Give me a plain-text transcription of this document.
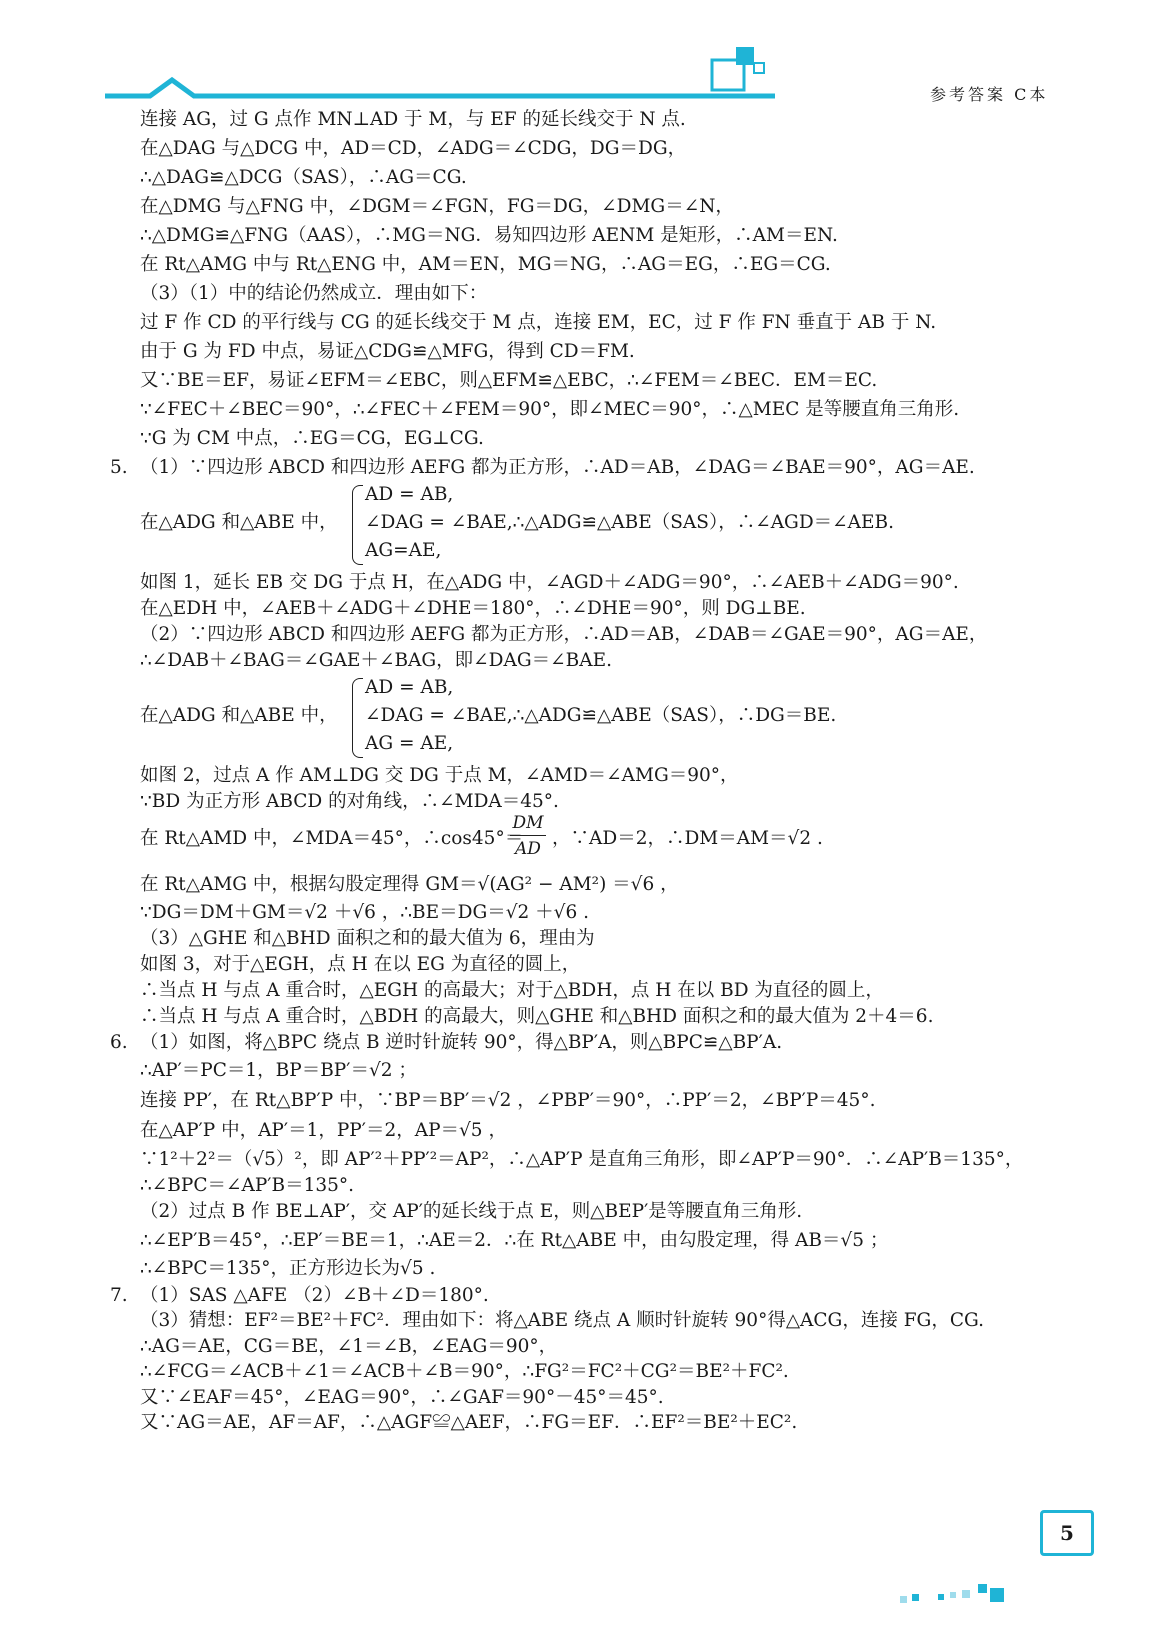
参考答案 C本
连接 AG，过 G 点作 MN⊥AD 于 M，与 EF 的延长线交于 N 点.
在△DAG 与△DCG 中，AD＝CD，∠ADG＝∠CDG，DG＝DG，
∴△DAG≌△DCG（SAS），∴AG＝CG.
在△DMG 与△FNG 中，∠DGM＝∠FGN，FG＝DG，∠DMG＝∠N，
∴△DMG≌△FNG（AAS），∴MG＝NG．易知四边形 AENM 是矩形，∴AM＝EN.
在 Rt△AMG 中与 Rt△ENG 中，AM＝EN，MG＝NG，∴AG＝EG，∴EG＝CG.
（3）（1）中的结论仍然成立．理由如下：
过 F 作 CD 的平行线与 CG 的延长线交于 M 点，连接 EM，EC，过 F 作 FN 垂直于 AB 于 N.
由于 G 为 FD 中点，易证△CDG≌△MFG，得到 CD＝FM.
又∵BE＝EF，易证∠EFM＝∠EBC，则△EFM≌△EBC，∴∠FEM＝∠BEC．EM＝EC.
∵∠FEC＋∠BEC＝90°，∴∠FEC＋∠FEM＝90°，即∠MEC＝90°，∴△MEC 是等腰直角三角形.
∵G 为 CM 中点，∴EG＝CG，EG⊥CG.
5. （1）∵四边形 ABCD 和四边形 AEFG 都为正方形，∴AD＝AB，∠DAG＝∠BAE＝90°，AG＝AE.
AD = AB,
在△ADG 和△ABE 中，	∠DAG = ∠BAE,∴△ADG≌△ABE（SAS），∴∠AGD＝∠AEB.
AG=AE,
如图 1，延长 EB 交 DG 于点 H，在△ADG 中，∠AGD＋∠ADG＝90°，∴∠AEB＋∠ADG＝90°.
在△EDH 中，∠AEB＋∠ADG＋∠DHE＝180°，∴∠DHE＝90°，则 DG⊥BE.
（2）∵四边形 ABCD 和四边形 AEFG 都为正方形，∴AD＝AB，∠DAB＝∠GAE＝90°，AG＝AE，
∴∠DAB＋∠BAG＝∠GAE＋∠BAG，即∠DAG＝∠BAE.
AD = AB,
在△ADG 和△ABE 中，	∠DAG = ∠BAE,∴△ADG≌△ABE（SAS），∴DG＝BE.
AG = AE,
如图 2，过点 A 作 AM⊥DG 交 DG 于点 M，∠AMD＝∠AMG＝90°，
∵BD 为正方形 ABCD 的对角线，∴∠MDA＝45°.
在 Rt△AMD 中，∠MDA＝45°，∴cos45°＝
DM
AD ，∵AD＝2，∴DM＝AM＝√2 .
在 Rt△AMG 中，根据勾股定理得 GM＝√(AG² − AM²) ＝√6 ，
∵DG＝DM＋GM＝√2 ＋√6 ，∴BE＝DG＝√2 ＋√6 .
（3）△GHE 和△BHD 面积之和的最大值为 6，理由为
如图 3，对于△EGH，点 H 在以 EG 为直径的圆上，
∴当点 H 与点 A 重合时，△EGH 的高最大；对于△BDH，点 H 在以 BD 为直径的圆上，
∴当点 H 与点 A 重合时，△BDH 的高最大，则△GHE 和△BHD 面积之和的最大值为 2＋4＝6.
6. （1）如图，将△BPC 绕点 B 逆时针旋转 90°，得△BP′A，则△BPC≌△BP′A.
∴AP′＝PC＝1，BP＝BP′＝√2 ；
连接 PP′，在 Rt△BP′P 中，∵BP＝BP′＝√2 ，∠PBP′＝90°，∴PP′＝2，∠BP′P＝45°.
在△AP′P 中，AP′＝1，PP′＝2，AP＝√5 ，
∵1²＋2²＝（√5）²，即 AP′²＋PP′²＝AP²，∴△AP′P 是直角三角形，即∠AP′P＝90°．∴∠AP′B＝135°，
∴∠BPC＝∠AP′B＝135°.
（2）过点 B 作 BE⊥AP′，交 AP′的延长线于点 E，则△BEP′是等腰直角三角形.
∴∠EP′B＝45°，∴EP′＝BE＝1，∴AE＝2．∴在 Rt△ABE 中，由勾股定理，得 AB＝√5 ；
∴∠BPC＝135°，正方形边长为√5 .
7. （1）SAS △AFE （2）∠B＋∠D＝180°.
（3）猜想：EF²＝BE²＋FC²．理由如下：将△ABE 绕点 A 顺时针旋转 90°得△ACG，连接 FG，CG.
∴AG＝AE，CG＝BE，∠1＝∠B，∠EAG＝90°，
∴∠FCG＝∠ACB＋∠1＝∠ACB＋∠B＝90°，∴FG²＝FC²＋CG²＝BE²＋FC².
又∵∠EAF＝45°，∠EAG＝90°，∴∠GAF＝90°－45°＝45°.
又∵AG＝AE，AF＝AF，∴△AGF≌△AEF，∴FG＝EF．∴EF²＝BE²＋EC².
5
